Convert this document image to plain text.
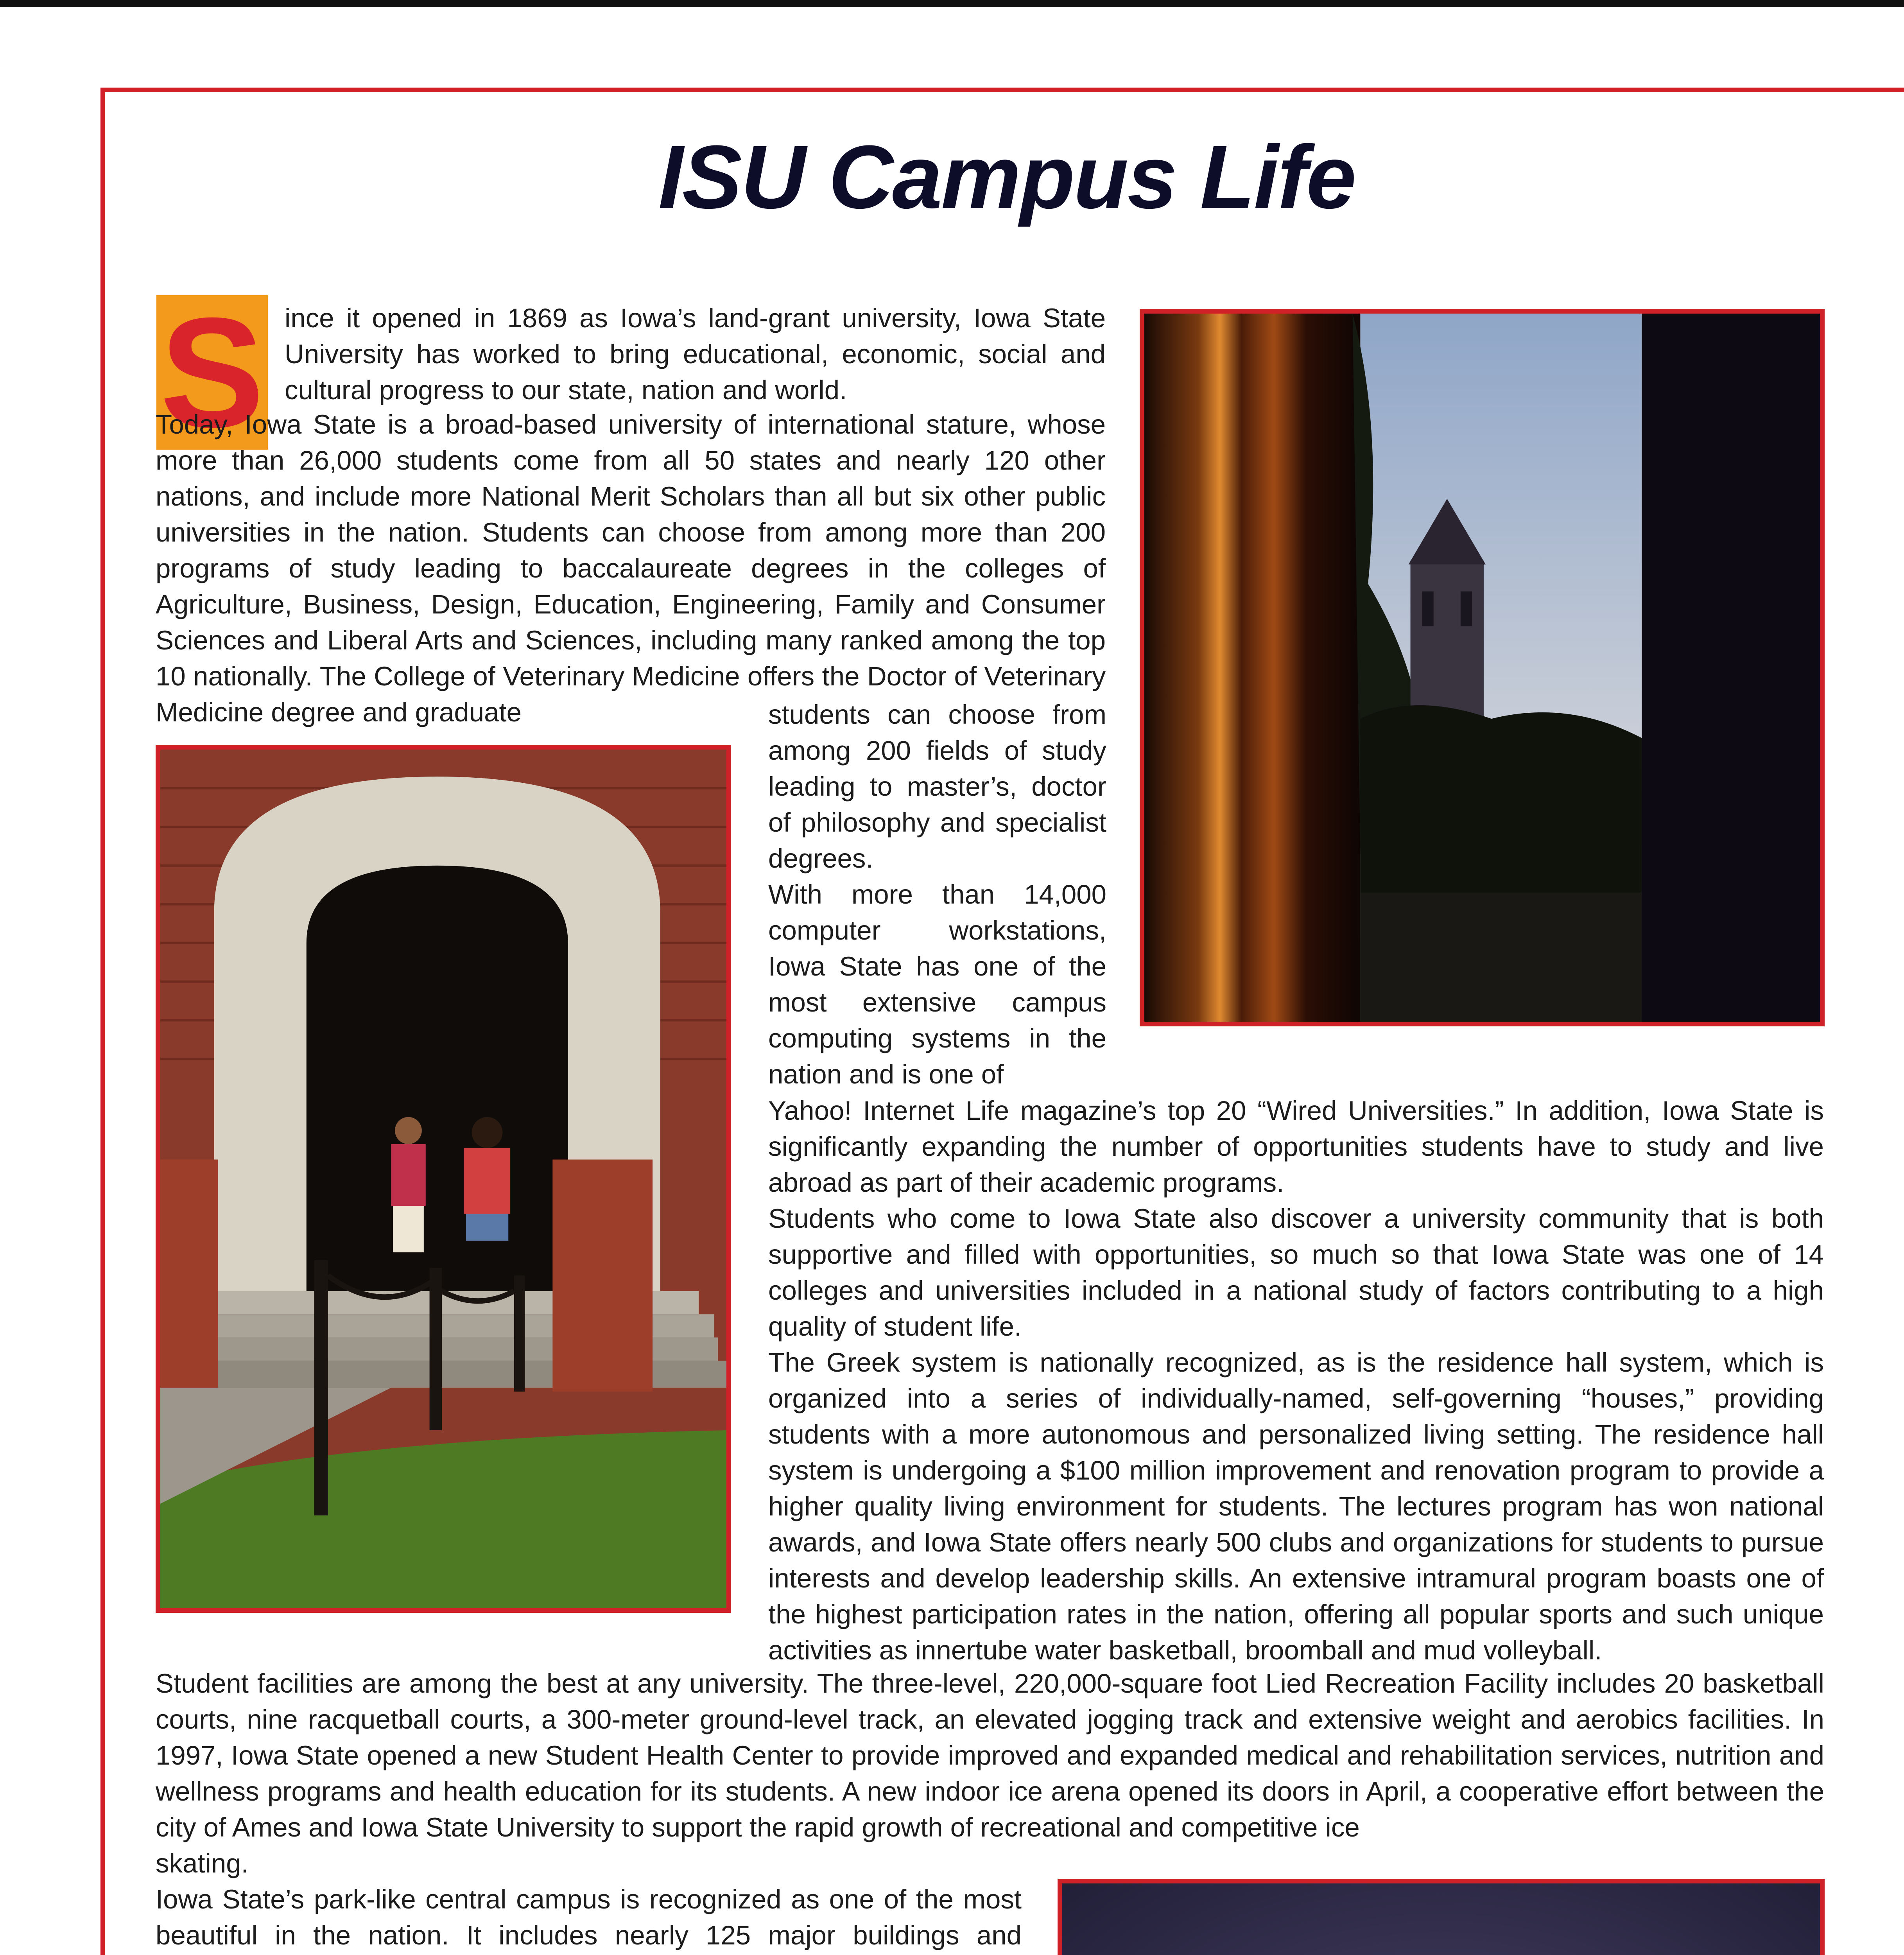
ISU Campus Life
S ince it opened in 1869 as Iowa’s land-grant university, Iowa State University has worked to bring educational, economic, social and cultural progress to our state, nation and world.

Today, Iowa State is a broad-based university of international stature, whose more than 26,000 students come from all 50 states and nearly 120 other nations, and include more National Merit Scholars than all but six other public universities in the nation. Students can choose from among more than 200 programs of study leading to baccalaureate degrees in the colleges of Agriculture, Business, Design, Education, Engineering, Family and Consumer Sciences and Liberal Arts and Sciences, including many ranked among the top 10 nationally. The College of Veterinary Medicine offers the Doctor of Veterinary Medicine degree and graduate	students can choose from among 200 fields of study leading to master’s, doctor of philosophy and specialist degrees.

With more than 14,000 computer workstations, Iowa State has one of the most extensive campus computing systems in the nation and is one of

Yahoo! Internet Life magazine’s top 20 “Wired Universities.” In addition, Iowa State is significantly expanding the number of opportunities students have to study and live abroad as part of their academic programs.

Students who come to Iowa State also discover a university community that is both supportive and filled with opportunities, so much so that Iowa State was one of 14 colleges and universities included in a national study of factors contributing to a high quality of student life.

The Greek system is nationally recognized, as is the residence hall system, which is organized into a series of individually-named, self-governing “houses,” providing students with a more autonomous and personalized living setting. The residence hall system is undergoing a $100 million improvement and renovation program to provide a higher quality living environment for students. The lectures program has won national awards, and Iowa State offers nearly 500 clubs and organizations for students to pursue interests and develop leadership skills. An extensive intramural program boasts one of the highest participation rates in the nation, offering all popular sports and such unique activities as innertube water basketball, broomball and mud volleyball.

Student facilities are among the best at any university. The three-level, 220,000-square foot Lied Recreation Facility includes 20 basketball courts, nine racquetball courts, a 300-meter ground-level track, an elevated jogging track and extensive weight and aerobics facilities. In 1997, Iowa State opened a new Student Health Center to provide improved and expanded medical and rehabilitation services, nutrition and wellness programs and health education for its students. A new indoor ice arena opened its doors in April, a cooperative effort between the city of Ames and Iowa State University to support the rapid growth of recreational and competitive ice

skating.

Iowa State’s park-like central campus is recognized as one of the most beautiful in the nation. It includes nearly 125 major buildings and
